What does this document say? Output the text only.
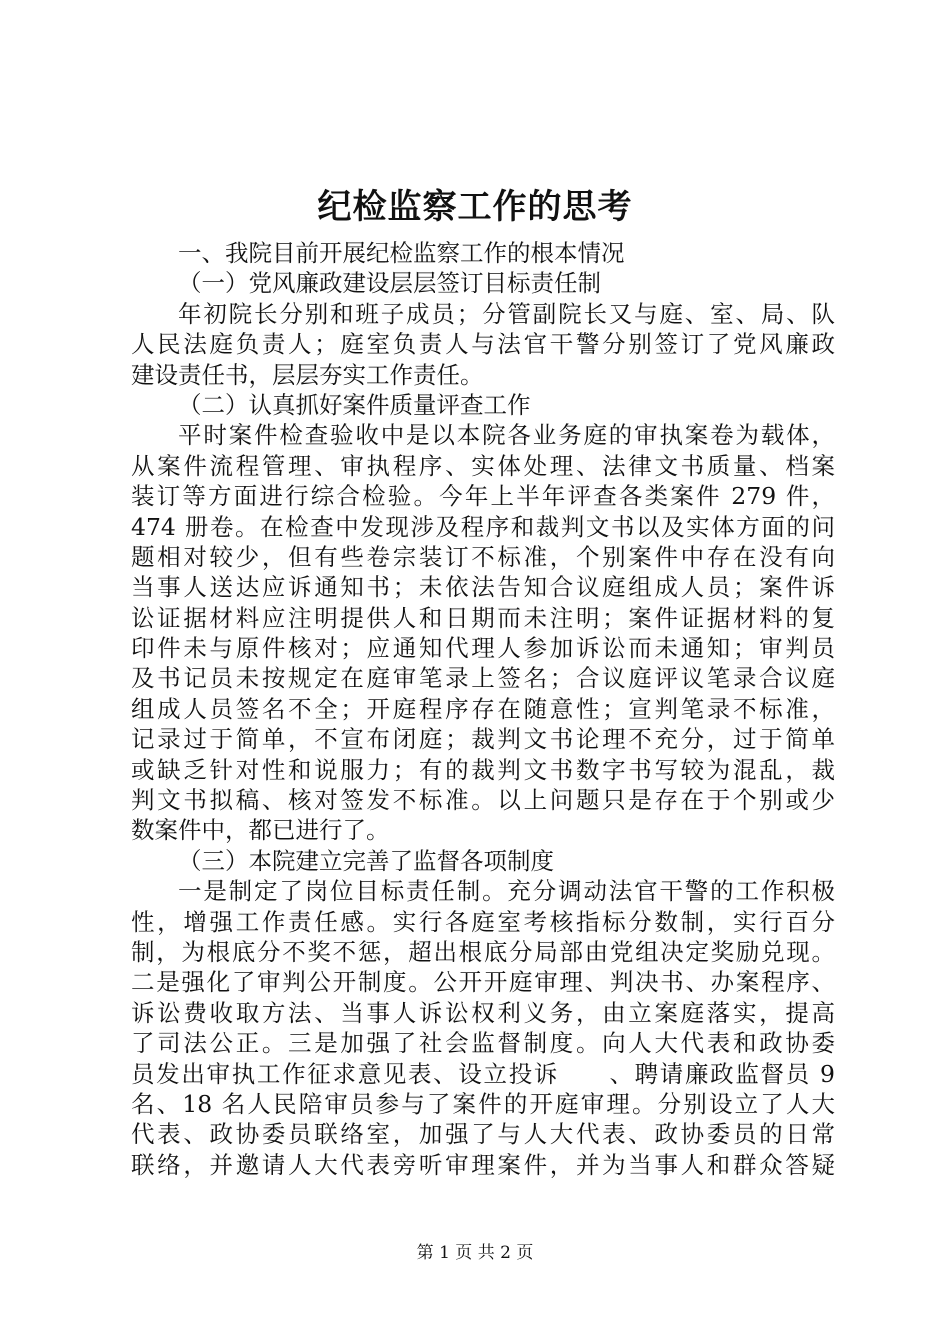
纪检监察工作的思考
一、我院目前开展纪检监察工作的根本情况
（一）党风廉政建设层层签订目标责任制
年初院长分别和班子成员；分管副院长又与庭、室、局、队
人民法庭负责人；庭室负责人与法官干警分别签订了党风廉政
建设责任书，层层夯实工作责任。
（二）认真抓好案件质量评查工作
平时案件检查验收中是以本院各业务庭的审执案卷为载体，
从案件流程管理、审执程序、实体处理、法律文书质量、档案
装订等方面进行综合检验。今年上半年评查各类案件 279 件，
474 册卷。在检查中发现涉及程序和裁判文书以及实体方面的问
题相对较少，但有些卷宗装订不标准，个别案件中存在没有向
当事人送达应诉通知书；未依法告知合议庭组成人员；案件诉
讼证据材料应注明提供人和日期而未注明；案件证据材料的复
印件未与原件核对；应通知代理人参加诉讼而未通知；审判员
及书记员未按规定在庭审笔录上签名；合议庭评议笔录合议庭
组成人员签名不全；开庭程序存在随意性；宣判笔录不标准，
记录过于简单，不宣布闭庭；裁判文书论理不充分，过于简单
或缺乏针对性和说服力；有的裁判文书数字书写较为混乱，裁
判文书拟稿、核对签发不标准。以上问题只是存在于个别或少
数案件中，都已进行了。
（三）本院建立完善了监督各项制度
一是制定了岗位目标责任制。充分调动法官干警的工作积极
性，增强工作责任感。实行各庭室考核指标分数制，实行百分
制，为根底分不奖不惩，超出根底分局部由党组决定奖励兑现。
二是强化了审判公开制度。公开开庭审理、判决书、办案程序、
诉讼费收取方法、当事人诉讼权利义务，由立案庭落实，提高
了司法公正。三是加强了社会监督制度。向人大代表和政协委
员发出审执工作征求意见表、设立投诉　　、聘请廉政监督员 9
名、18 名人民陪审员参与了案件的开庭审理。分别设立了人大
代表、政协委员联络室，加强了与人大代表、政协委员的日常
联络，并邀请人大代表旁听审理案件，并为当事人和群众答疑
第 1 页 共 2 页
